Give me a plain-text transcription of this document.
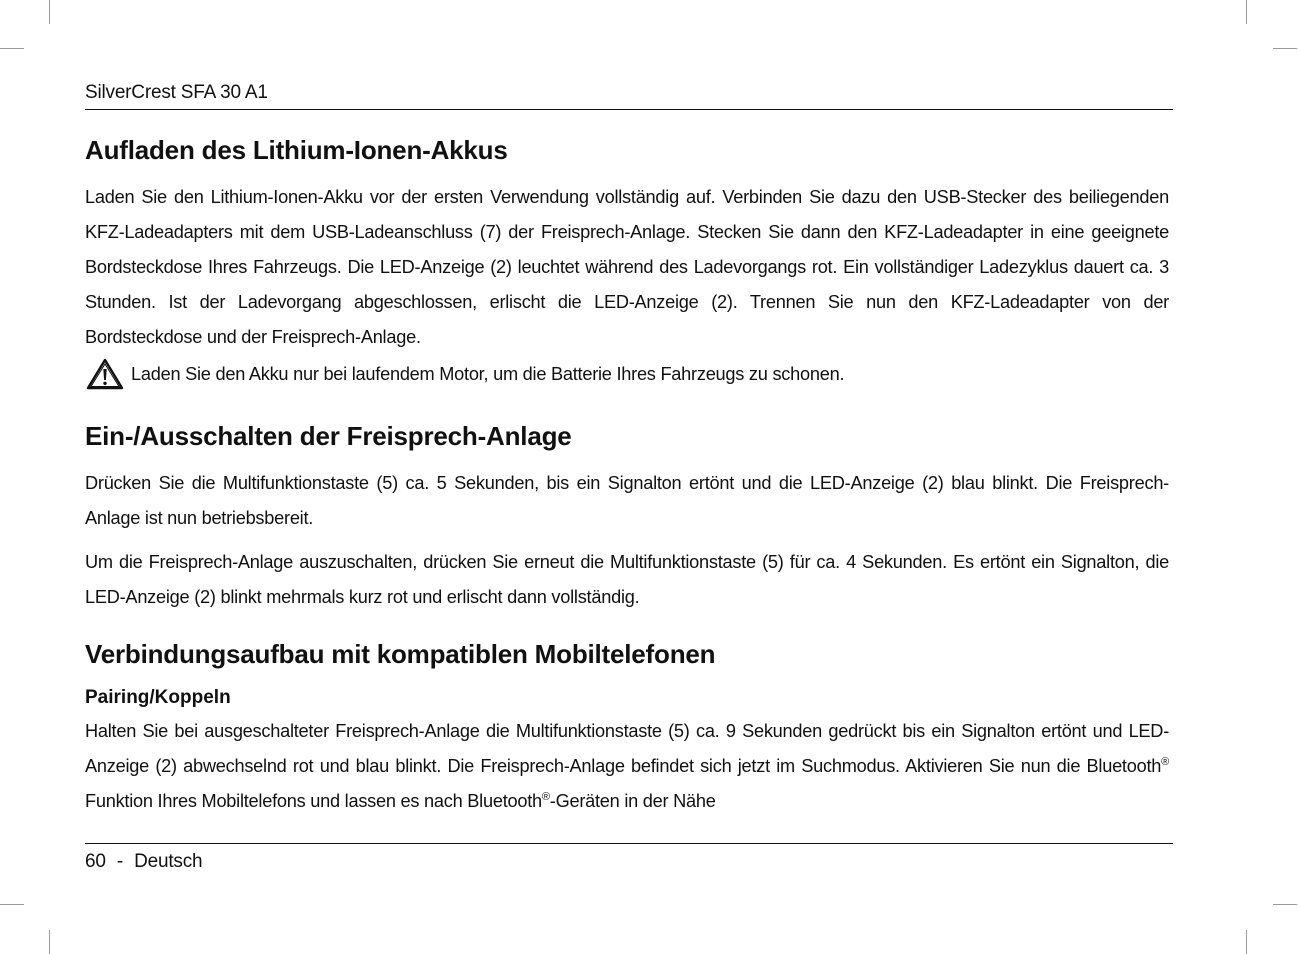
SilverCrest SFA 30 A1
Aufladen des Lithium-Ionen-Akkus

Laden Sie den Lithium-Ionen-Akku vor der ersten Verwendung vollständig auf. Verbinden Sie dazu den USB-Stecker des beiliegenden KFZ-Ladeadapters mit dem USB-Ladeanschluss (7) der Freisprech-Anlage. Stecken Sie dann den KFZ-Ladeadapter in eine geeignete Bordsteckdose Ihres Fahrzeugs. Die LED-Anzeige (2) leuchtet während des Ladevorgangs rot. Ein vollständiger Ladezyklus dauert ca. 3 Stunden. Ist der Ladevorgang abgeschlossen, erlischt die LED-Anzeige (2). Trennen Sie nun den KFZ-Ladeadapter von der Bordsteckdose und der Freisprech-Anlage.

Laden Sie den Akku nur bei laufendem Motor, um die Batterie Ihres Fahrzeugs zu schonen.
Ein-/Ausschalten der Freisprech-Anlage

Drücken Sie die Multifunktionstaste (5) ca. 5 Sekunden, bis ein Signalton ertönt und die LED-Anzeige (2) blau blinkt. Die Freisprech-Anlage ist nun betriebsbereit.

Um die Freisprech-Anlage auszuschalten, drücken Sie erneut die Multifunktionstaste (5) für ca. 4 Sekunden. Es ertönt ein Signalton, die LED-Anzeige (2) blinkt mehrmals kurz rot und erlischt dann vollständig.

Verbindungsaufbau mit kompatiblen Mobiltelefonen
Pairing/Koppeln

Halten Sie bei ausgeschalteter Freisprech-Anlage die Multifunktionstaste (5) ca. 9 Sekunden gedrückt bis ein Signalton ertönt und LED-Anzeige (2) abwechselnd rot und blau blinkt. Die Freisprech-Anlage befindet sich jetzt im Suchmodus. Aktivieren Sie nun die Bluetooth® Funktion Ihres Mobiltelefons und lassen es nach Bluetooth®-Geräten in der Nähe

60 - Deutsch
